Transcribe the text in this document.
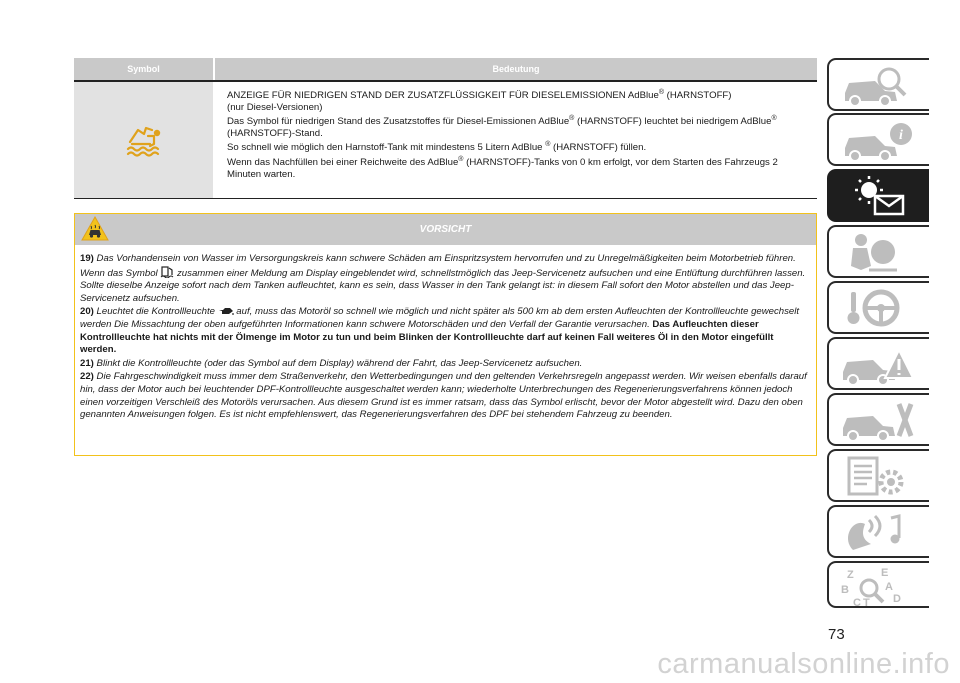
Symbol	Bedeutung

ANZEIGE FÜR NIEDRIGEN STAND DER ZUSATZFLÜSSIGKEIT FÜR DIESELEMISSIONEN AdBlue® (HARNSTOFF)
(nur Diesel-Versionen)

Das Symbol für niedrigen Stand des Zusatzstoffes für Diesel-Emissionen AdBlue® (HARNSTOFF) leuchtet bei niedrigem AdBlue® (HARNSTOFF)-Stand.

So schnell wie möglich den Harnstoff-Tank mit mindestens 5 Litern AdBlue ® (HARNSTOFF) füllen.

Wenn das Nachfüllen bei einer Reichweite des AdBlue® (HARNSTOFF)-Tanks von 0 km erfolgt, vor dem Starten des Fahrzeugs 2 Minuten warten.

VORSICHT

19) Das Vorhandensein von Wasser im Versorgungskreis kann schwere Schäden am Einspritzsystem hervorrufen und zu Unregelmäßigkeiten beim Motorbetrieb führen. Wenn das Symbol  zusammen einer Meldung am Display eingeblendet wird, schnellstmöglich das Jeep-Servicenetz aufsuchen und eine Entlüftung durchführen lassen. Sollte dieselbe Anzeige sofort nach dem Tanken aufleuchtet, kann es sein, dass Wasser in den Tank gelangt ist: in diesem Fall sofort den Motor abstellen und das Jeep-Servicenetz aufsuchen.

20) Leuchtet die Kontrollleuchte  auf, muss das Motoröl so schnell wie möglich und nicht später als 500 km ab dem ersten Aufleuchten der Kontrollleuchte gewechselt werden Die Missachtung der oben aufgeführten Informationen kann schwere Motorschäden und den Verfall der Garantie verursachen. Das Aufleuchten dieser Kontrollleuchte hat nichts mit der Ölmenge im Motor zu tun und beim Blinken der Kontrollleuchte darf auf keinen Fall weiteres Öl in den Motor eingefüllt werden.

21) Blinkt die Kontrollleuchte (oder das Symbol auf dem Display) während der Fahrt, das Jeep-Servicenetz aufsuchen.

22) Die Fahrgeschwindigkeit muss immer dem Straßenverkehr, den Wetterbedingungen und den geltenden Verkehrsregeln angepasst werden. Wir weisen ebenfalls darauf hin, dass der Motor auch bei leuchtender DPF-Kontrollleuchte ausgeschaltet werden kann; wiederholte Unterbrechungen des Regenerierungsverfahrens können jedoch einen vorzeitigen Verschleiß des Motoröls verursachen. Aus diesem Grund ist es immer ratsam, dass das Symbol erlischt, bevor der Motor abgestellt wird. Dazu den oben genannten Anweisungen folgen. Es ist nicht empfehlenswert, das Regenerierungsverfahren des DPF bei stehendem Fahrzeug zu beenden.

i
Z E
B	A
C T D
73
carmanualsonline.info
